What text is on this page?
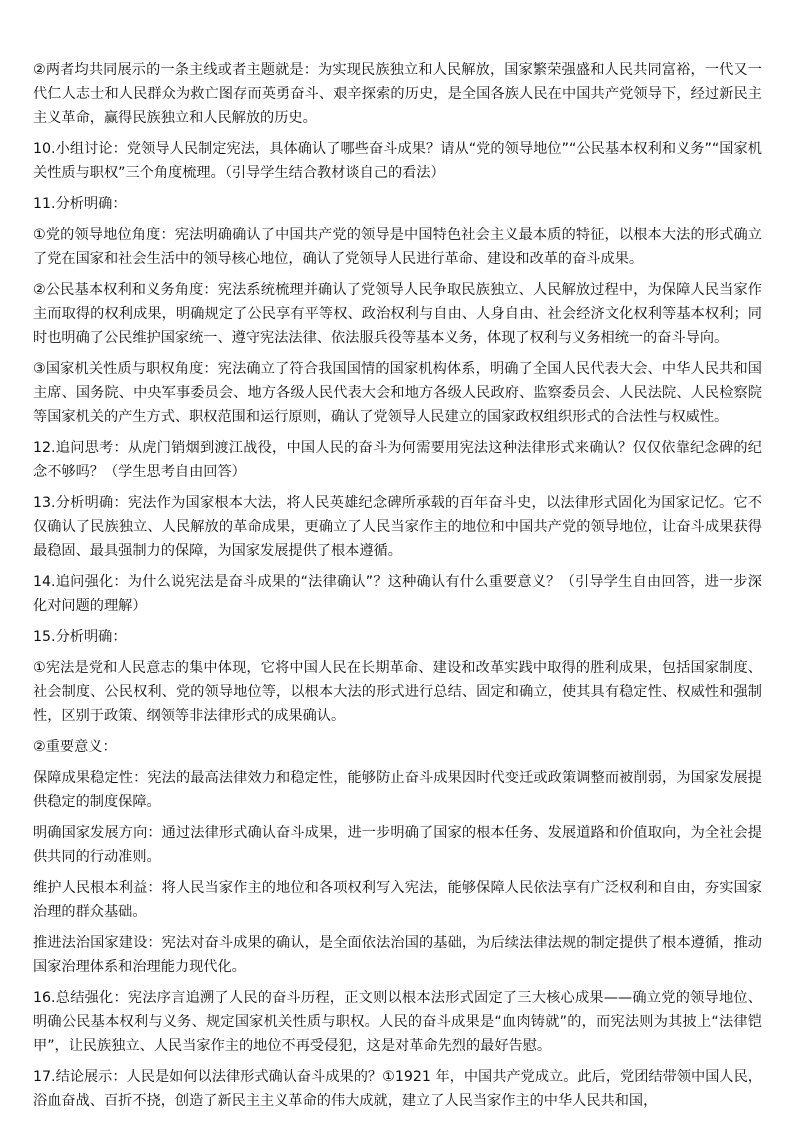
②两者均共同展示的一条主线或者主题就是：为实现民族独立和人民解放，国家繁荣强盛和人民共同富裕，一代又一代仁人志士和人民群众为救亡图存而英勇奋斗、艰辛探索的历史，是全国各族人民在中国共产党领导下，经过新民主主义革命，赢得民族独立和人民解放的历史。

10.小组讨论：党领导人民制定宪法，具体确认了哪些奋斗成果？请从“党的领导地位”“公民基本权利和义务”“国家机关性质与职权”三个角度梳理。（引导学生结合教材谈自己的看法）

11.分析明确：

①党的领导地位角度：宪法明确确认了中国共产党的领导是中国特色社会主义最本质的特征，以根本大法的形式确立了党在国家和社会生活中的领导核心地位，确认了党领导人民进行革命、建设和改革的奋斗成果。

②公民基本权利和义务角度：宪法系统梳理并确认了党领导人民争取民族独立、人民解放过程中，为保障人民当家作主而取得的权利成果，明确规定了公民享有平等权、政治权利与自由、人身自由、社会经济文化权利等基本权利；同时也明确了公民维护国家统一、遵守宪法法律、依法服兵役等基本义务，体现了权利与义务相统一的奋斗导向。

③国家机关性质与职权角度：宪法确立了符合我国国情的国家机构体系，明确了全国人民代表大会、中华人民共和国主席、国务院、中央军事委员会、地方各级人民代表大会和地方各级人民政府、监察委员会、人民法院、人民检察院等国家机关的产生方式、职权范围和运行原则，确认了党领导人民建立的国家政权组织形式的合法性与权威性。

12.追问思考：从虎门销烟到渡江战役，中国人民的奋斗为何需要用宪法这种法律形式来确认？仅仅依靠纪念碑的纪念不够吗？（学生思考自由回答）

13.分析明确：宪法作为国家根本大法，将人民英雄纪念碑所承载的百年奋斗史，以法律形式固化为国家记忆。它不仅确认了民族独立、人民解放的革命成果，更确立了人民当家作主的地位和中国共产党的领导地位，让奋斗成果获得最稳固、最具强制力的保障，为国家发展提供了根本遵循。

14.追问强化：为什么说宪法是奋斗成果的“法律确认”？这种确认有什么重要意义？（引导学生自由回答，进一步深化对问题的理解）

15.分析明确：

①宪法是党和人民意志的集中体现，它将中国人民在长期革命、建设和改革实践中取得的胜利成果，包括国家制度、社会制度、公民权利、党的领导地位等，以根本大法的形式进行总结、固定和确立，使其具有稳定性、权威性和强制性，区别于政策、纲领等非法律形式的成果确认。

②重要意义：

保障成果稳定性：宪法的最高法律效力和稳定性，能够防止奋斗成果因时代变迁或政策调整而被削弱，为国家发展提供稳定的制度保障。

明确国家发展方向：通过法律形式确认奋斗成果，进一步明确了国家的根本任务、发展道路和价值取向，为全社会提供共同的行动准则。

维护人民根本利益：将人民当家作主的地位和各项权利写入宪法，能够保障人民依法享有广泛权利和自由，夯实国家治理的群众基础。

推进法治国家建设：宪法对奋斗成果的确认，是全面依法治国的基础，为后续法律法规的制定提供了根本遵循，推动国家治理体系和治理能力现代化。

16.总结强化：宪法序言追溯了人民的奋斗历程，正文则以根本法形式固定了三大核心成果——确立党的领导地位、明确公民基本权利与义务、规定国家机关性质与职权。人民的奋斗成果是“血肉铸就”的，而宪法则为其披上“法律铠甲”，让民族独立、人民当家作主的地位不再受侵犯，这是对革命先烈的最好告慰。

17.结论展示：人民是如何以法律形式确认奋斗成果的？①1921 年，中国共产党成立。此后，党团结带领中国人民，浴血奋战、百折不挠，创造了新民主主义革命的伟大成就，建立了人民当家作主的中华人民共和国，
